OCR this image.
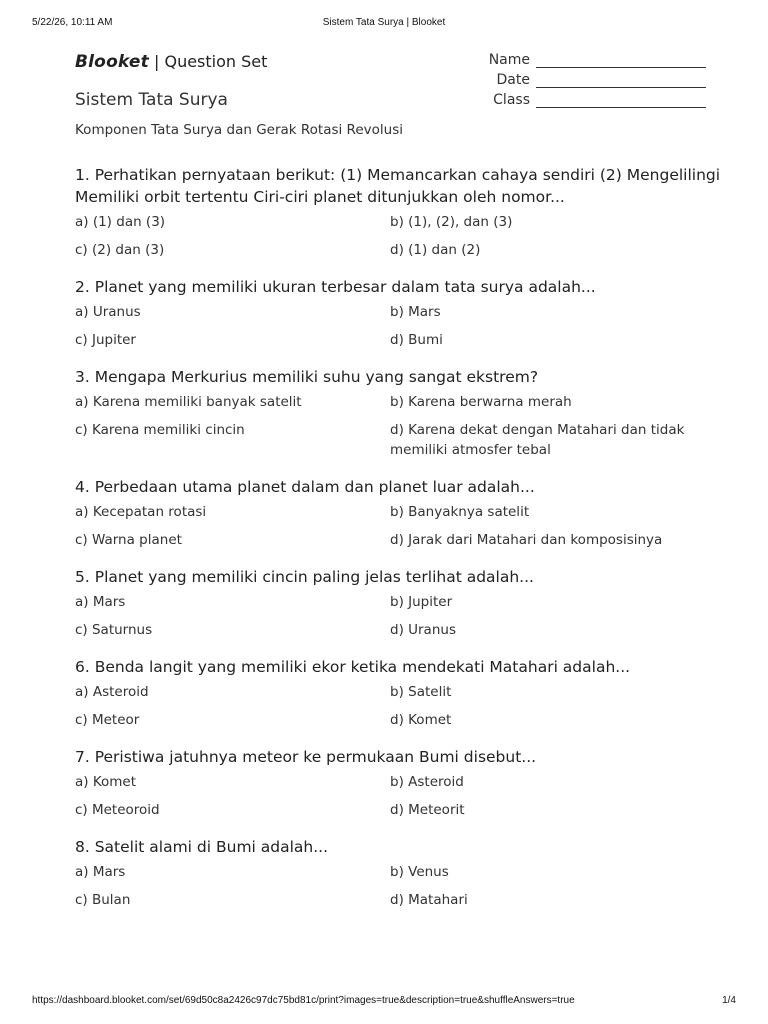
5/22/26, 10:11 AM	Sistem Tata Surya | Blooket
Blooket | Question Set
Sistem Tata Surya
Komponen Tata Surya dan Gerak Rotasi Revolusi
Name
Date
Class

1. Perhatikan pernyataan berikut: (1) Memancarkan cahaya sendiri (2) Mengelilingi Memiliki orbit tertentu Ciri-ciri planet ditunjukkan oleh nomor...

a) (1) dan (3)	b) (1), (2), dan (3)
c) (2) dan (3)	d) (1) dan (2)

2. Planet yang memiliki ukuran terbesar dalam tata surya adalah...

a) Uranus	b) Mars
c) Jupiter	d) Bumi

3. Mengapa Merkurius memiliki suhu yang sangat ekstrem?

a) Karena memiliki banyak satelit	b) Karena berwarna merah
c) Karena memiliki cincin	d) Karena dekat dengan Matahari dan tidak memiliki atmosfer tebal

4. Perbedaan utama planet dalam dan planet luar adalah...

a) Kecepatan rotasi	b) Banyaknya satelit
c) Warna planet	d) Jarak dari Matahari dan komposisinya

5. Planet yang memiliki cincin paling jelas terlihat adalah...

a) Mars	b) Jupiter
c) Saturnus	d) Uranus

6. Benda langit yang memiliki ekor ketika mendekati Matahari adalah...

a) Asteroid	b) Satelit
c) Meteor	d) Komet

7. Peristiwa jatuhnya meteor ke permukaan Bumi disebut...

a) Komet	b) Asteroid
c) Meteoroid	d) Meteorit

8. Satelit alami di Bumi adalah...

a) Mars	b) Venus
c) Bulan	d) Matahari
https://dashboard.blooket.com/set/69d50c8a2426c97dc75bd81c/print?images=true&description=true&shuffleAnswers=true	1/4
